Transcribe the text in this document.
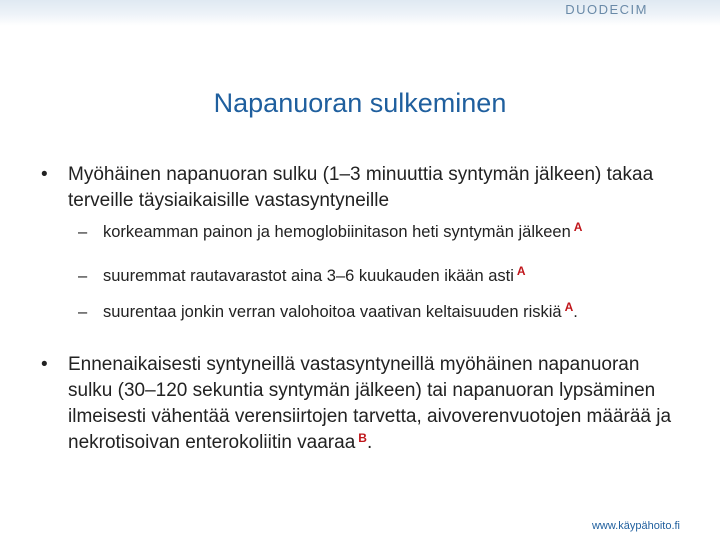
DUODECIM
Napanuoran sulkeminen
• Myöhäinen napanuoran sulku (1–3 minuuttia syntymän jälkeen) takaa terveille täysiaikaisille vastasyntyneille
– korkeamman painon ja hemoglobiinitason heti syntymän jälkeen $^A$
– suuremmat rautavarastot aina 3–6 kuukauden ikään asti $^A$
– suurentaa jonkin verran valohoitoa vaativan keltaisuuden riskiä $^A$.
• Ennenaikaisesti syntyneillä vastasyntyneillä myöhäinen napanuoran sulku (30–120 sekuntia syntymän jälkeen) tai napanuoran lypsäminen ilmeisesti vähentää verensiirtojen tarvetta, aivoverenvuotojen määrää ja nekrotisoivan enterokoliitin vaaraa $^B$.
www.käypähoito.fi
